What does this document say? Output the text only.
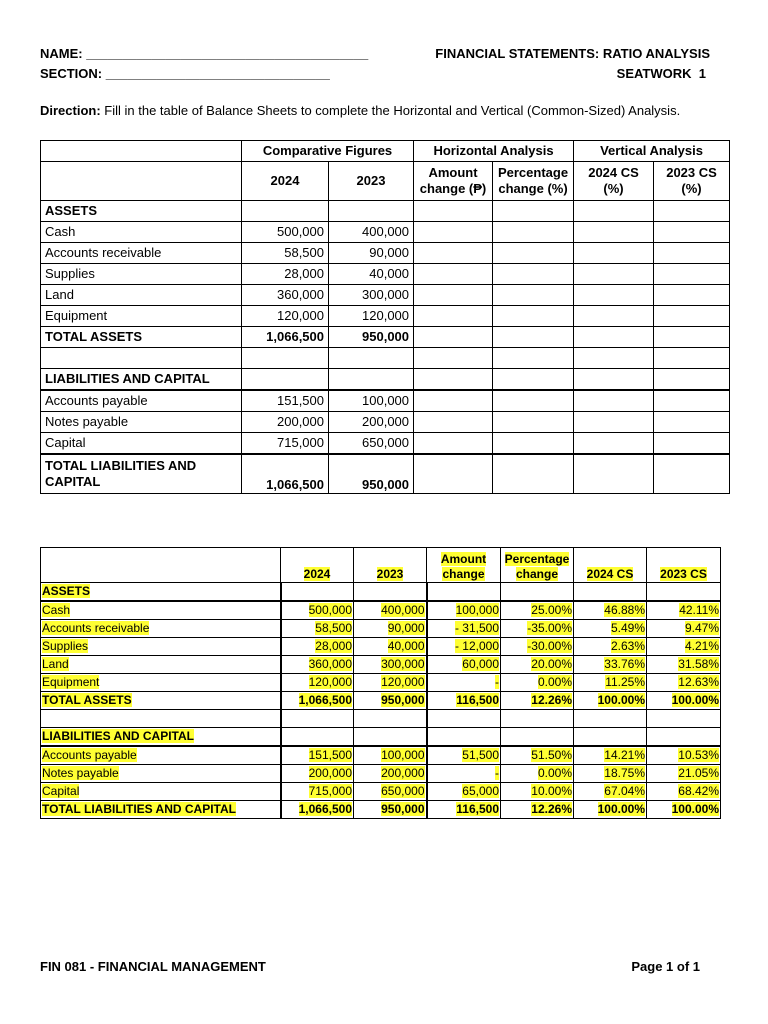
NAME: _______________________________________
SECTION: _______________________________
FINANCIAL STATEMENTS: RATIO ANALYSIS
SEATWORK  1
Direction: Fill in the table of Balance Sheets to complete the Horizontal and Vertical (Common-Sized) Analysis.
	Comparative Figures		Horizontal Analysis		Vertical Analysis	
	2024	2023	Amount change (₱)	Percentage change (%)	2024 CS (%)	2023 CS (%)
ASSETS						
Cash	500,000	400,000				
Accounts receivable	58,500	90,000				
Supplies	28,000	40,000				
Land	360,000	300,000				
Equipment	120,000	120,000				
TOTAL ASSETS	1,066,500	950,000				

LIABILITIES AND CAPITAL						
Accounts payable	151,500	100,000				
Notes payable	200,000	200,000				
Capital	715,000	650,000				
TOTAL LIABILITIES AND CAPITAL	1,066,500	950,000				
	2024	2023	Amount change	Percentage change	2024 CS	2023 CS
ASSETS						
Cash	500,000	400,000	100,000	25.00%	46.88%	42.11%
Accounts receivable	58,500	90,000	- 31,500	-35.00%	5.49%	9.47%
Supplies	28,000	40,000	- 12,000	-30.00%	2.63%	4.21%
Land	360,000	300,000	60,000	20.00%	33.76%	31.58%
Equipment	120,000	120,000	-	0.00%	11.25%	12.63%
TOTAL ASSETS	1,066,500	950,000	116,500	12.26%	100.00%	100.00%

LIABILITIES AND CAPITAL						
Accounts payable	151,500	100,000	51,500	51.50%	14.21%	10.53%
Notes payable	200,000	200,000	-	0.00%	18.75%	21.05%
Capital	715,000	650,000	65,000	10.00%	67.04%	68.42%
TOTAL LIABILITIES AND CAPITAL	1,066,500	950,000	116,500	12.26%	100.00%	100.00%
FIN 081 - FINANCIAL MANAGEMENT	Page 1 of 1
